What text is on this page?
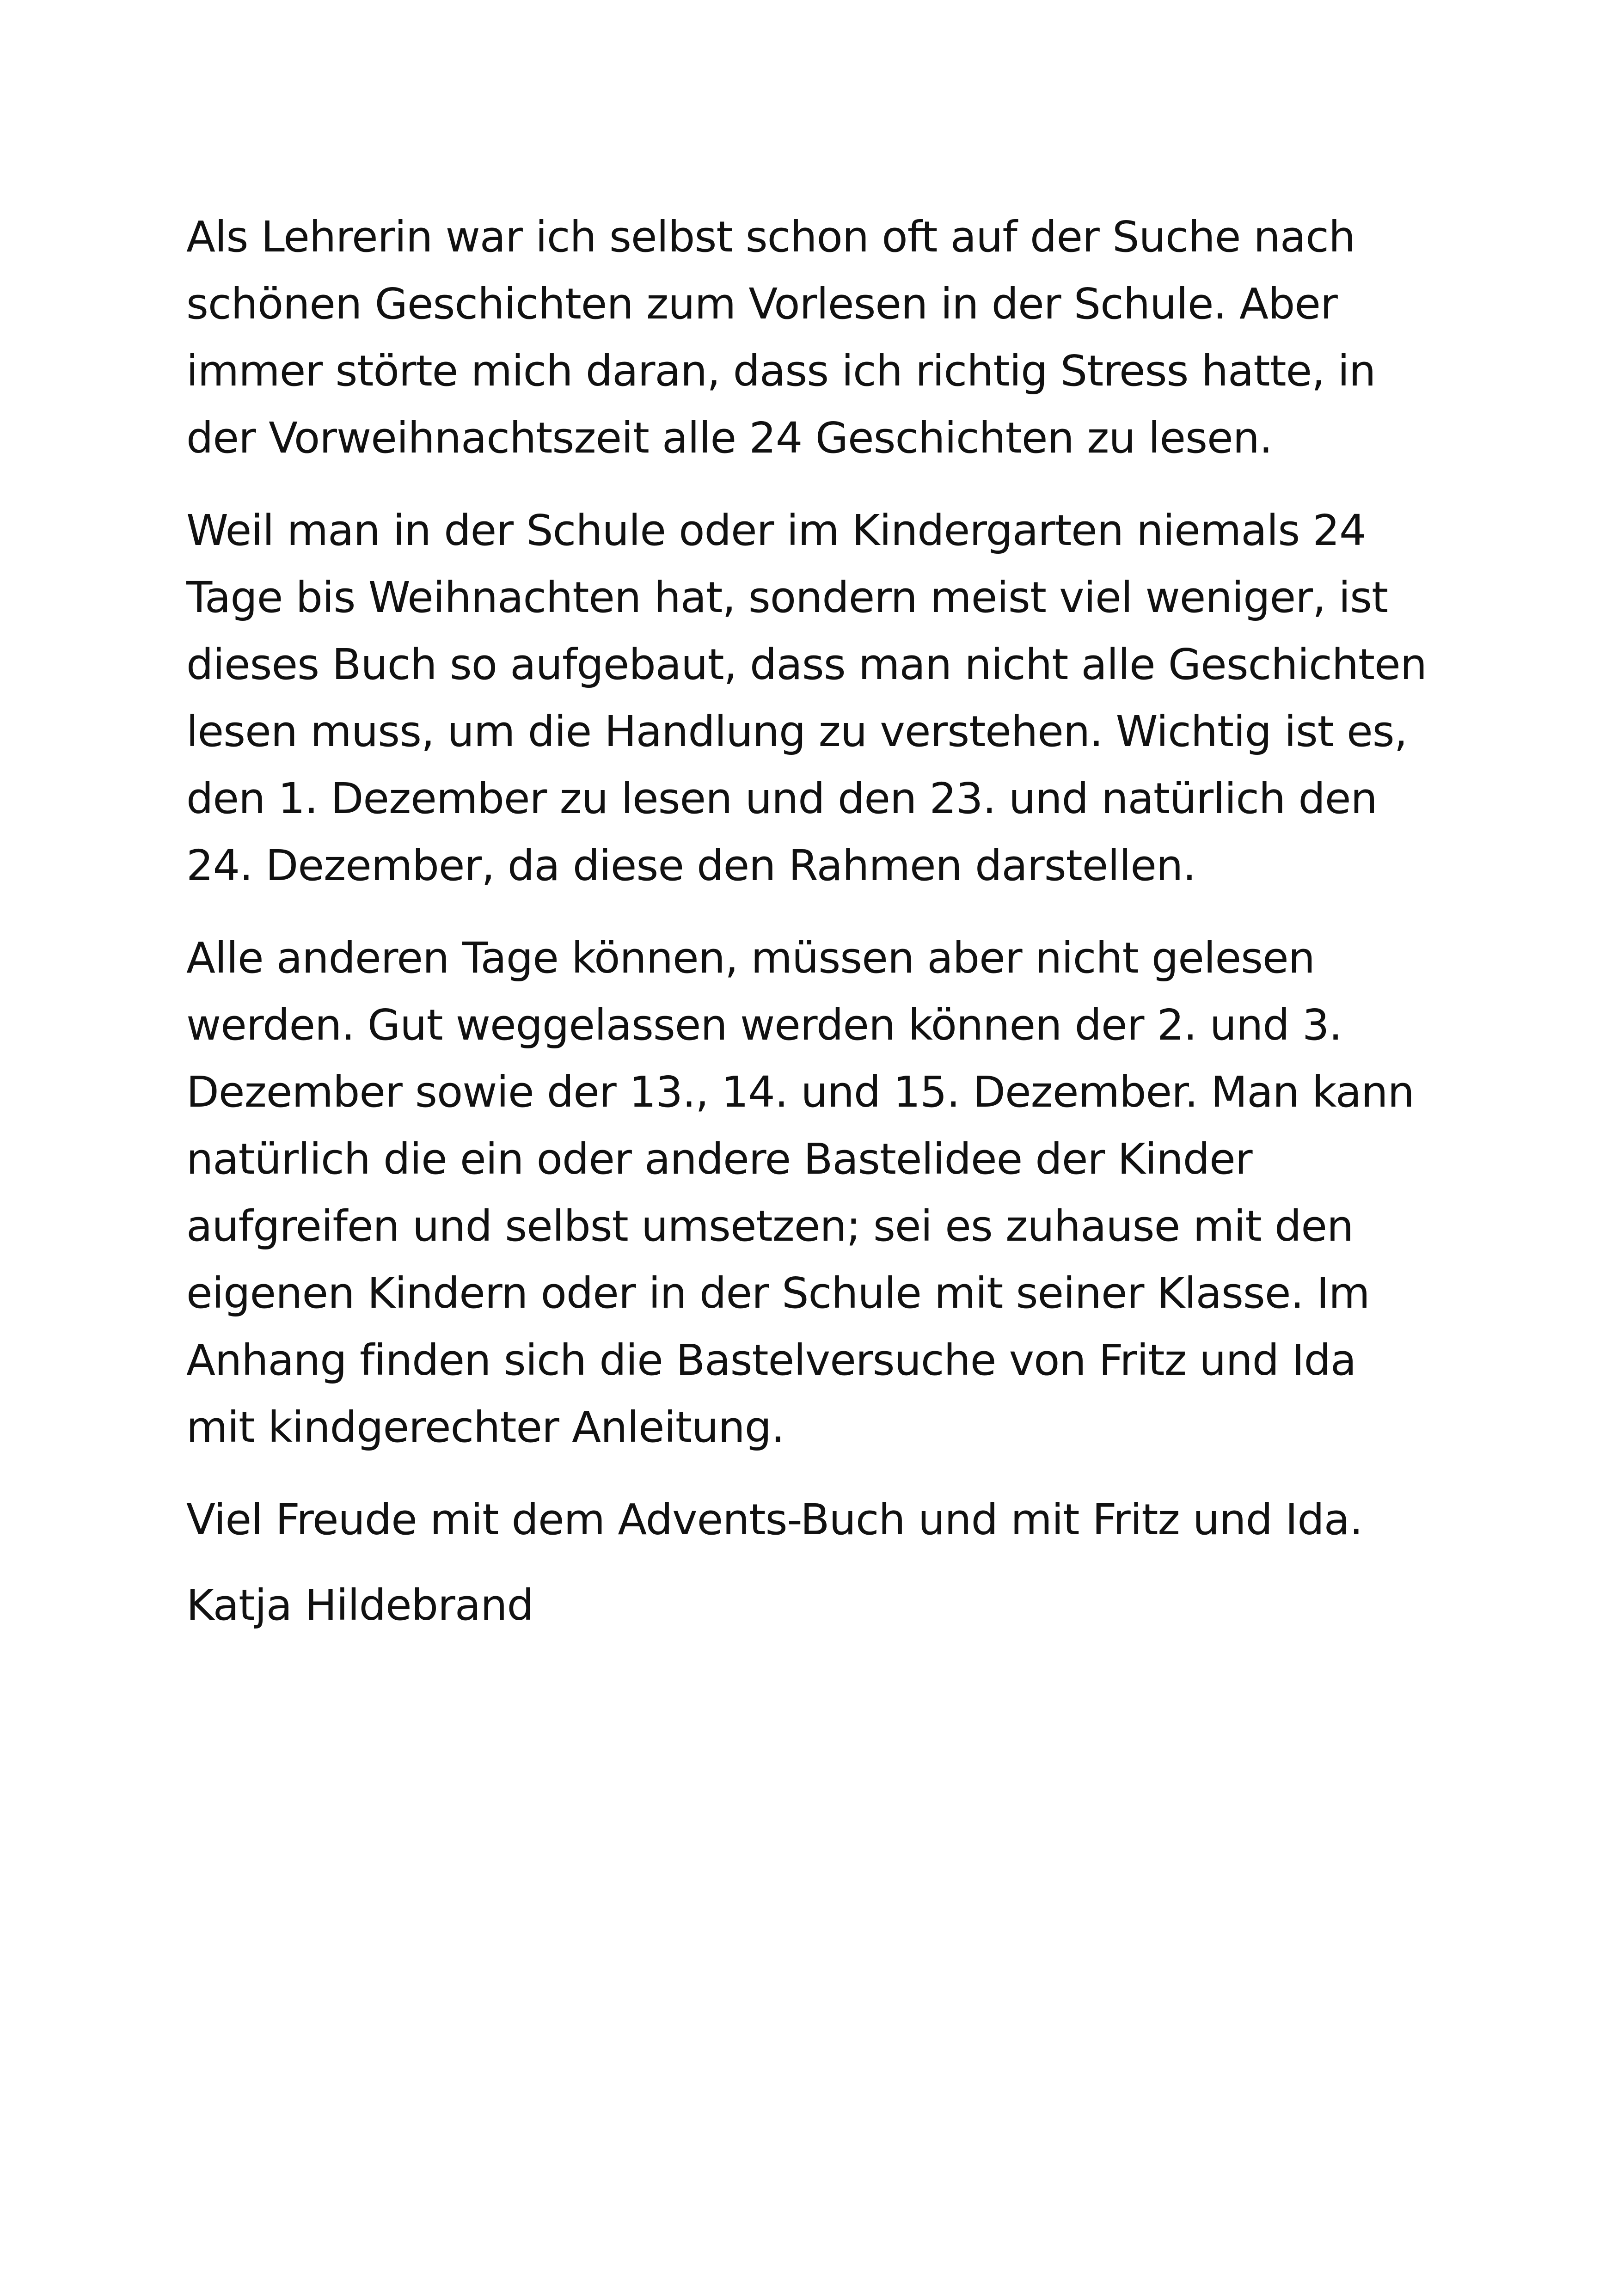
Als Lehrerin war ich selbst schon oft auf der Suche nach
schönen Geschichten zum Vorlesen in der Schule. Aber
immer störte mich daran, dass ich richtig Stress hatte, in
der Vorweihnachtszeit alle 24 Geschichten zu lesen.

Weil man in der Schule oder im Kindergarten niemals 24
Tage bis Weihnachten hat, sondern meist viel weniger, ist
dieses Buch so aufgebaut, dass man nicht alle Geschichten
lesen muss, um die Handlung zu verstehen. Wichtig ist es,
den 1. Dezember zu lesen und den 23. und natürlich den
24. Dezember, da diese den Rahmen darstellen.

Alle anderen Tage können, müssen aber nicht gelesen
werden. Gut weggelassen werden können der 2. und 3.
Dezember sowie der 13., 14. und 15. Dezember. Man kann
natürlich die ein oder andere Bastelidee der Kinder
aufgreifen und selbst umsetzen; sei es zuhause mit den
eigenen Kindern oder in der Schule mit seiner Klasse. Im
Anhang finden sich die Bastelversuche von Fritz und Ida
mit kindgerechter Anleitung.

Viel Freude mit dem Advents-Buch und mit Fritz und Ida.

Katja Hildebrand
